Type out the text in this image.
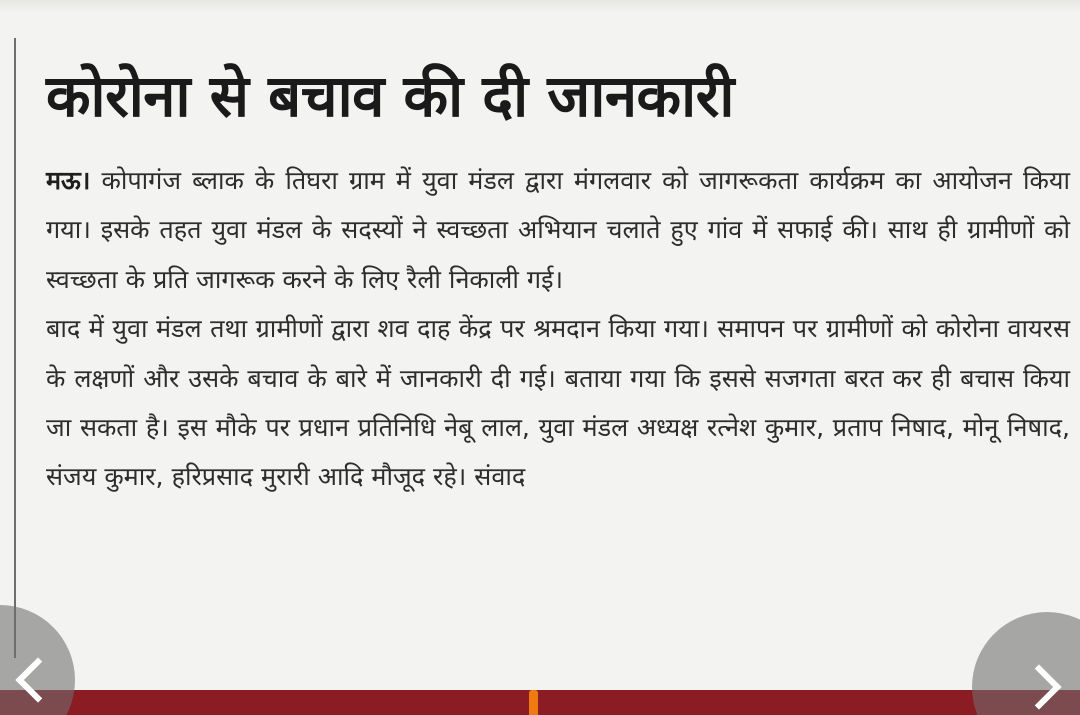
कोरोना से बचाव की दी जानकारी

मऊ। कोपागंज ब्लाक के तिघरा ग्राम में युवा मंडल द्वारा मंगलवार को जागरूकता कार्यक्रम का आयोजन किया गया। इसके तहत युवा मंडल के सदस्यों ने स्वच्छता अभियान चलाते हुए गांव में सफाई की। साथ ही ग्रामीणों को स्वच्छता के प्रति जागरूक करने के लिए रैली निकाली गई।

बाद में युवा मंडल तथा ग्रामीणों द्वारा शव दाह केंद्र पर श्रमदान किया गया। समापन पर ग्रामीणों को कोरोना वायरस के लक्षणों और उसके बचाव के बारे में जानकारी दी गई। बताया गया कि इससे सजगता बरत कर ही बचास किया जा सकता है। इस मौके पर प्रधान प्रतिनिधि नेबू लाल, युवा मंडल अध्यक्ष रत्नेश कुमार, प्रताप निषाद, मोनू निषाद, संजय कुमार, हरिप्रसाद मुरारी आदि मौजूद रहे। संवाद
